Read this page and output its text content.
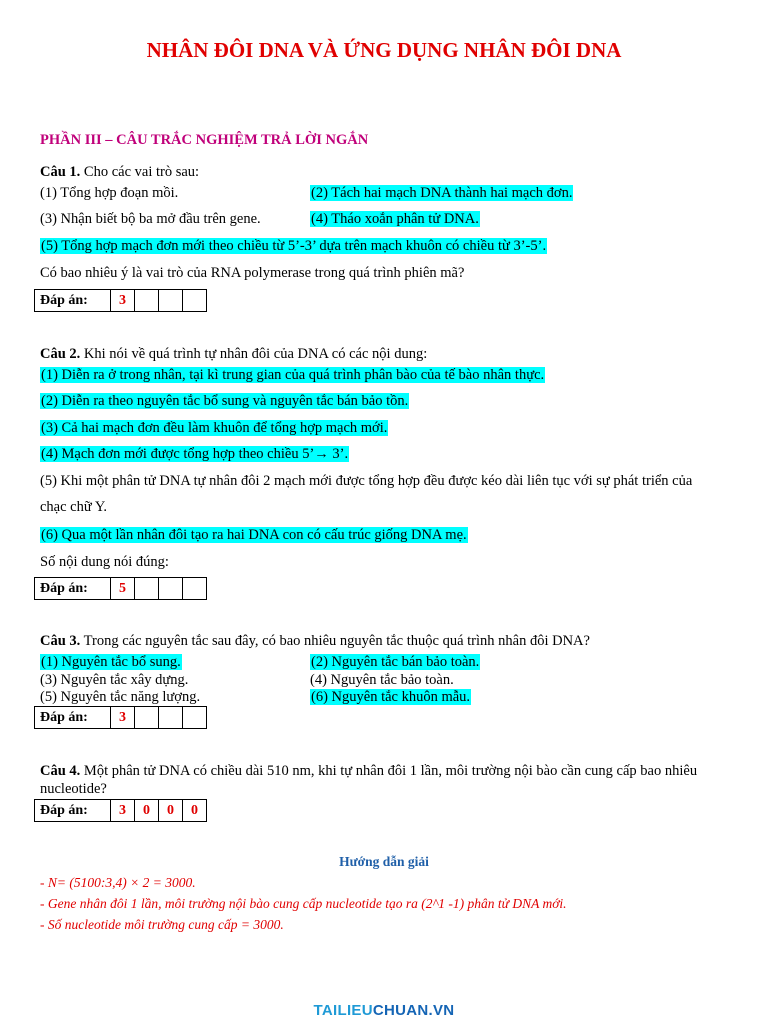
NHÂN ĐÔI DNA VÀ ỨNG DỤNG NHÂN ĐÔI DNA
PHẦN III – CÂU TRẮC NGHIỆM TRẢ LỜI NGẮN
Câu 1. Cho các vai trò sau:
(1) Tổng hợp đoạn mồi.	(2) Tách hai mạch DNA thành hai mạch đơn.
(3) Nhận biết bộ ba mở đầu trên gene.	(4) Tháo xoắn phân tử DNA.
(5) Tổng hợp mạch đơn mới theo chiều từ 5’-3’ dựa trên mạch khuôn có chiều từ 3’-5’.
Có bao nhiêu ý là vai trò của RNA polymerase trong quá trình phiên mã?
Đáp án:	3			
Câu 2. Khi nói về quá trình tự nhân đôi của DNA có các nội dung:
(1) Diễn ra ở trong nhân, tại kì trung gian của quá trình phân bào của tế bào nhân thực.
(2) Diễn ra theo nguyên tắc bổ sung và nguyên tắc bán bảo tồn.
(3) Cả hai mạch đơn đều làm khuôn để tổng hợp mạch mới.
(4) Mạch đơn mới được tổng hợp theo chiều 5’→ 3’.
(5) Khi một phân tử DNA tự nhân đôi 2 mạch mới được tổng hợp đều được kéo dài liên tục với sự phát triển của
chạc chữ Y.
(6) Qua một lần nhân đôi tạo ra hai DNA con có cấu trúc giống DNA mẹ.
Số nội dung nói đúng:
Đáp án:	5			
Câu 3. Trong các nguyên tắc sau đây, có bao nhiêu nguyên tắc thuộc quá trình nhân đôi DNA?
(1) Nguyên tắc bổ sung.	(2) Nguyên tắc bán bảo toàn.
(3) Nguyên tắc xây dựng.	(4) Nguyên tắc bảo toàn.
(5) Nguyên tắc năng lượng.	(6) Nguyên tắc khuôn mẫu.
Đáp án:	3			
Câu 4. Một phân tử DNA có chiều dài 510 nm, khi tự nhân đôi 1 lần, môi trường nội bào cần cung cấp bao nhiêu
nucleotide?
Đáp án:	3	0	0	0
Hướng dẫn giải
- N= (5100:3,4) × 2 = 3000.
- Gene nhân đôi 1 lần, môi trường nội bào cung cấp nucleotide tạo ra (2^1 -1) phân tử DNA mới.
- Số nucleotide môi trường cung cấp = 3000.
TAILIEUCHUAN.VN
